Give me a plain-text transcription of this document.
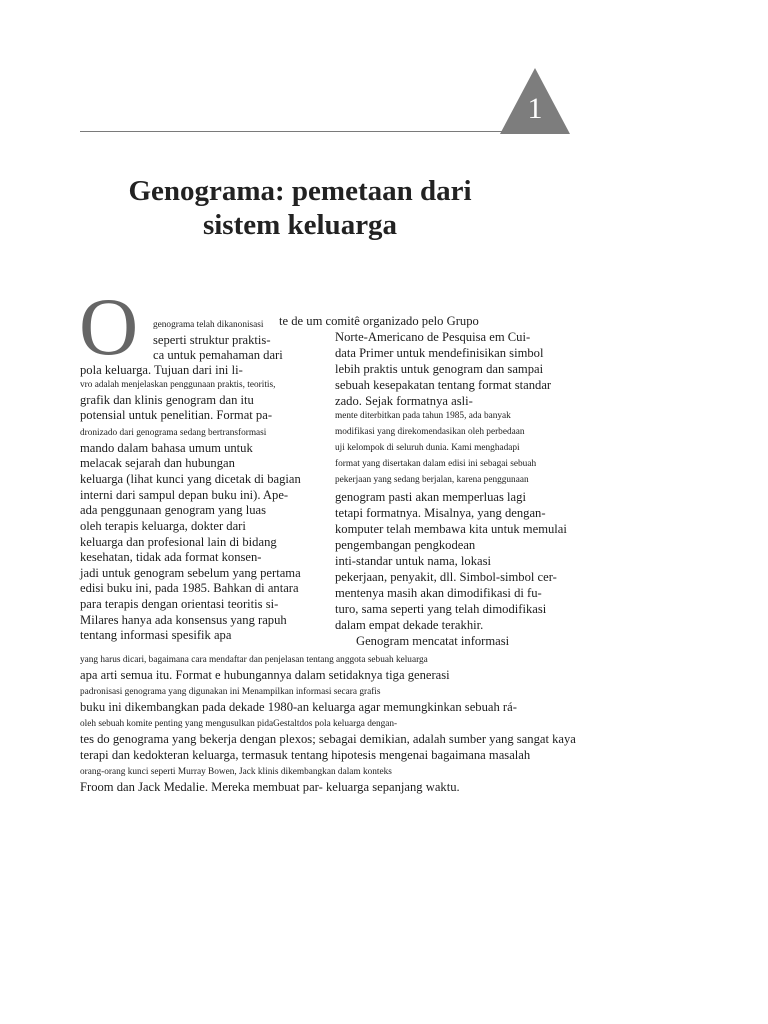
1
Genograma: pemetaan dari
sistem keluarga
O genograma telah dikanonisasi
seperti struktur praktis-
ca untuk pemahaman dari
pola keluarga. Tujuan dari ini li-
vro adalah menjelaskan penggunaan praktis, teoritis,
grafik dan klinis genogram dan itu
potensial untuk penelitian. Format pa-
dronizado dari genograma sedang bertransformasi
mando dalam bahasa umum untuk
melacak sejarah dan hubungan
keluarga (lihat kunci yang dicetak di bagian
interni dari sampul depan buku ini). Ape-
ada penggunaan genogram yang luas
oleh terapis keluarga, dokter dari
keluarga dan profesional lain di bidang
kesehatan, tidak ada format konsen-
jadi untuk genogram sebelum yang pertama
edisi buku ini, pada 1985. Bahkan di antara
para terapis dengan orientasi teoritis si-
Milares hanya ada konsensus yang rapuh
tentang informasi spesifik apa
te de um comitê organizado pelo Grupo
Norte-Americano de Pesquisa em Cui-
data Primer untuk mendefinisikan simbol
lebih praktis untuk genogram dan sampai
sebuah kesepakatan tentang format standar
zado. Sejak formatnya asli-
mente diterbitkan pada tahun 1985, ada banyak
modifikasi yang direkomendasikan oleh perbedaan
uji kelompok di seluruh dunia. Kami menghadapi
format yang disertakan dalam edisi ini sebagai sebuah
pekerjaan yang sedang berjalan, karena penggunaan
genogram pasti akan memperluas lagi
tetapi formatnya. Misalnya, yang dengan-
komputer telah membawa kita untuk memulai
pengembangan pengkodean
inti-standar untuk nama, lokasi
pekerjaan, penyakit, dll. Simbol-simbol cer-
mentenya masih akan dimodifikasi di fu-
turo, sama seperti yang telah dimodifikasi
dalam empat dekade terakhir.
Genogram mencatat informasi
yang harus dicari, bagaimana cara mendaftar dan penjelasan tentang anggota sebuah keluarga
apa arti semua itu. Format e hubungannya dalam setidaknya tiga generasi
padronisasi genograma yang digunakan ini Menampilkan informasi secara grafis
buku ini dikembangkan pada dekade 1980-an keluarga agar memungkinkan sebuah rá-
oleh sebuah komite penting yang mengusulkan pidaGestaltdos pola keluarga dengan-
tes do genograma yang bekerja dengan plexos; sebagai demikian, adalah sumber yang sangat kaya
terapi dan kedokteran keluarga, termasuk tentang hipotesis mengenai bagaimana masalah
orang-orang kunci seperti Murray Bowen, Jack klinis dikembangkan dalam konteks
Froom dan Jack Medalie. Mereka membuat par- keluarga sepanjang waktu.
